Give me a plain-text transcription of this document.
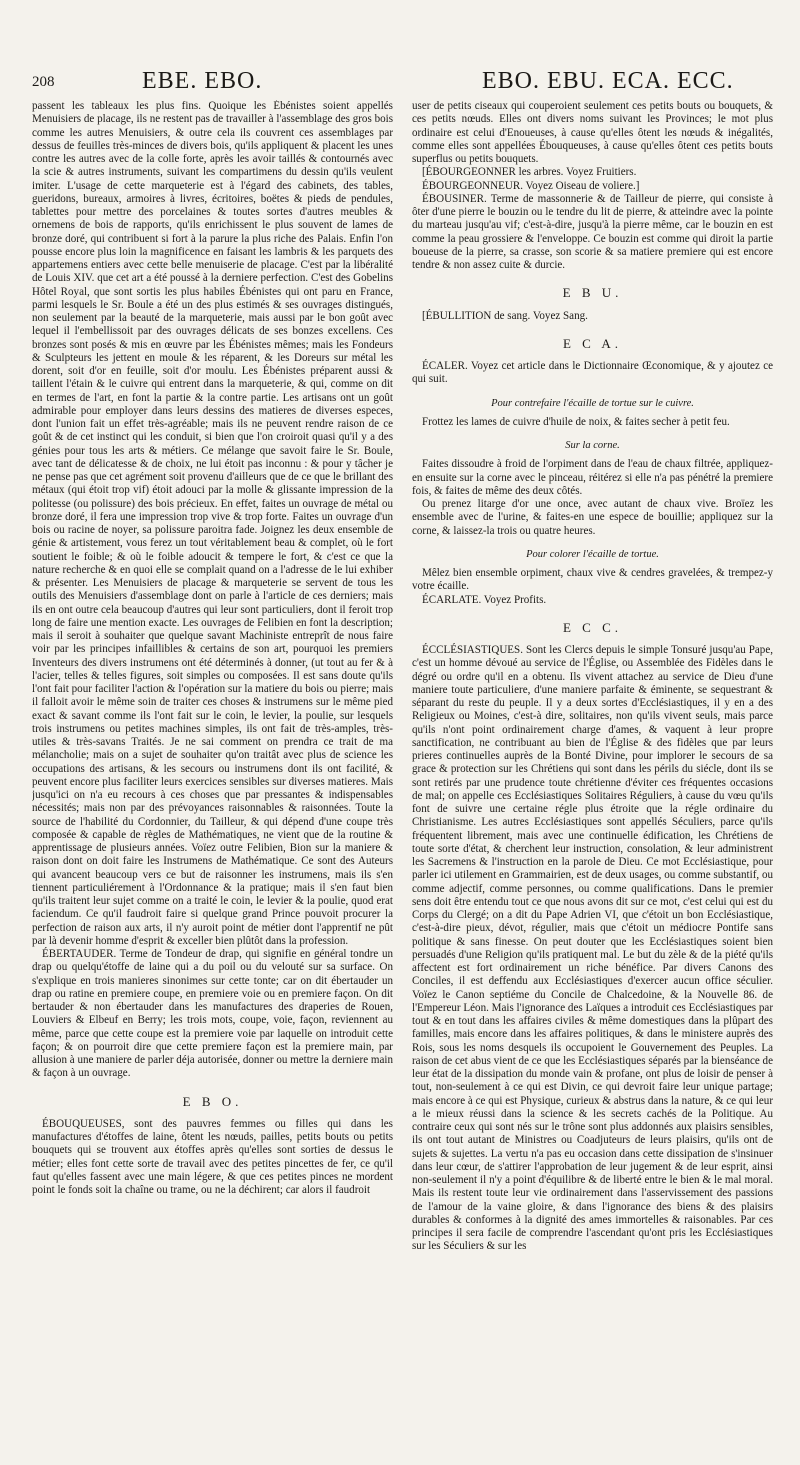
208	EBE. EBO.	EBO. EBU. ECA. ECC.

passent les tableaux les plus fins. Quoique les Ébénistes soient appellés Menuisiers de placage, ils ne restent pas de travailler à l'assemblage des gros bois comme les autres Menuisiers, & outre cela ils couvrent ces assemblages par dessus de feuilles très-minces de divers bois, qu'ils appliquent & placent les unes contre les autres avec de la colle forte, après les avoir taillés & contournés avec la scie & autres instruments, suivant les compartimens du dessin qu'ils veulent imiter. L'usage de cette marqueterie est à l'égard des cabinets, des tables, gueridons, bureaux, armoires à livres, écritoires, boëtes & pieds de pendules, tablettes pour mettre des porcelaines & toutes sortes d'autres meubles & ornemens de bois de rapports, qu'ils enrichissent le plus souvent de lames de bronze doré, qui contribuent si fort à la parure la plus riche des Palais. Enfin l'on pousse encore plus loin la magnificence en faisant les lambris & les parquets des appartemens entiers avec cette belle menuiserie de placage. C'est par la libéralité de Louis XIV. que cet art a été poussé à la derniere perfection. C'est des Gobelins Hôtel Royal, que sont sortis les plus habiles Ébénistes qui ont paru en France, parmi lesquels le Sr. Boule a été un des plus estimés & ses ouvrages distingués, non seulement par la beauté de la marqueterie, mais aussi par le bon goût avec lequel il l'embellissoit par des ouvrages délicats de ses bonzes excellens. Ces bronzes sont posés & mis en œuvre par les Ébénistes mêmes; mais les Fondeurs & Sculpteurs les jettent en moule & les réparent, & les Doreurs sur métal les dorent, soit d'or en feuille, soit d'or moulu. Les Ébénistes préparent aussi & taillent l'étain & le cuivre qui entrent dans la marqueterie, & qui, comme on dit en termes de l'art, en font la partie & la contre partie. Les artisans ont un goût admirable pour employer dans leurs dessins des matieres de diverses especes, dont l'union fait un effet très-agréable; mais ils ne peuvent rendre raison de ce goût & de cet instinct qui les conduit, si bien que l'on croiroit quasi qu'il y a des génies pour tous les arts & métiers. Ce mélange que savoit faire le Sr. Boule, avec tant de délicatesse & de choix, ne lui étoit pas inconnu : & pour y tâcher je ne pense pas que cet agrément soit provenu d'ailleurs que de ce que le brillant des métaux (qui étoit trop vif) étoit adouci par la molle & glissante impression de la politesse (ou polissure) des bois précieux. En effet, faites un ouvrage de métal ou bronze doré, il fera une impression trop vive & trop forte. Faites un ouvrage d'un bois ou racine de noyer, sa polissure paroitra fade. Joignez les deux ensemble de génie & artistement, vous ferez un tout véritablement beau & complet, où le fort soutient le foible; & où le foible adoucit & tempere le fort, & c'est ce que la nature recherche & en quoi elle se complait quand on a l'adresse de le lui exhiber & présenter. Les Menuisiers de placage & marqueterie se servent de tous les outils des Menuisiers d'assemblage dont on parle à l'article de ces derniers; mais ils en ont outre cela beaucoup d'autres qui leur sont particuliers, dont il feroit trop long de faire une mention exacte. Les ouvrages de Felibien en font la description; mais il seroit à souhaiter que quelque savant Machiniste entreprît de nous faire voir par les principes infaillibles & certains de son art, pourquoi les premiers Inventeurs des divers instrumens ont été déterminés à donner, (ut tout au fer & à l'acier, telles & telles figures, soit simples ou composées. Il est sans doute qu'ils l'ont fait pour faciliter l'action & l'opération sur la matiere du bois ou pierre; mais il falloit avoir le même soin de traiter ces choses & instrumens sur le même pied exact & savant comme ils l'ont fait sur le coin, le levier, la poulie, sur lesquels trois instrumens ou petites machines simples, ils ont fait de très-amples, très-utiles & très-savans Traités. Je ne sai comment on prendra ce trait de ma mélancholie; mais on a sujet de souhaiter qu'on traitât avec plus de science les occupations des artisans, & les secours ou instrumens dont ils ont facilité, & peuvent encore plus faciliter leurs exercices sensibles sur diverses matieres. Mais jusqu'ici on n'a eu recours à ces choses que par pressantes & indispensables nécessités; mais non par des prévoyances raisonnables & raisonnées. Toute la source de l'habilité du Cordonnier, du Tailleur, & qui dépend d'une coupe très composée & capable de règles de Mathématiques, ne vient que de la routine & apprentissage de plusieurs années. Voïez outre Felibien, Bion sur la maniere & raison dont on doit faire les Instrumens de Mathématique. Ce sont des Auteurs qui avancent beaucoup vers ce but de raisonner les instrumens, mais ils s'en tiennent particuliérement à l'Ordonnance & la pratique; mais il s'en faut bien qu'ils traitent leur sujet comme on a traité le coin, le levier & la poulie, quod erat faciendum. Ce qu'il faudroit faire si quelque grand Prince pouvoit procurer la perfection de raison aux arts, il n'y auroit point de métier dont l'apprentif ne pût par là devenir homme d'esprit & exceller bien plûtôt dans la profession.

ÉBERTAUDER. Terme de Tondeur de drap, qui signifie en général tondre un drap ou quelqu'étoffe de laine qui a du poil ou du velouté sur sa surface. On s'explique en trois manieres sinonimes sur cette tonte; car on dit ébertauder un drap ou ratine en premiere coupe, en premiere voie ou en premiere façon. On dit bertauder & non ébertauder dans les manufactures des draperies de Rouen, Louviers & Elbeuf en Berry; les trois mots, coupe, voie, façon, reviennent au même, parce que cette coupe est la premiere voie par laquelle on introduit cette façon; & on pourroit dire que cette premiere façon est la premiere main, par allusion à une maniere de parler déja autorisée, donner ou mettre la derniere main & façon à un ouvrage.

E B O.

ÉBOUQUEUSES, sont des pauvres femmes ou filles qui dans les manufactures d'étoffes de laine, ôtent les nœuds, pailles, petits bouts ou petits bouquets qui se trouvent aux étoffes après qu'elles sont sorties de dessus le métier; elles font cette sorte de travail avec des petites pincettes de fer, ce qu'il faut qu'elles fassent avec une main légere, & que ces petites pinces ne mordent point le fonds soit la chaîne ou trame, ou ne la déchirent; car alors il faudroit

user de petits ciseaux qui couperoient seulement ces petits bouts ou bouquets, & ces petits nœuds. Elles ont divers noms suivant les Provinces; le mot plus ordinaire est celui d'Enoueuses, à cause qu'elles ôtent les nœuds & inégalités, comme elles sont appellées Ébouqueuses, à cause qu'elles ôtent ces petits bouts superflus ou petits bouquets.

[ÉBOURGEONNER les arbres. Voyez Fruitiers.

ÉBOURGEONNEUR. Voyez Oiseau de voliere.]

ÉBOUSINER. Terme de massonnerie & de Tailleur de pierre, qui consiste à ôter d'une pierre le bouzin ou le tendre du lit de pierre, & atteindre avec la pointe du marteau jusqu'au vif; c'est-à-dire, jusqu'à la pierre même, car le bouzin en est comme la peau grossiere & l'enveloppe. Ce bouzin est comme qui diroit la partie boueuse de la pierre, sa crasse, son scorie & sa matiere premiere qui est encore tendre & non assez cuite & durcie.

E B U.

[ÉBULLITION de sang. Voyez Sang.

E C A.

ÉCALER. Voyez cet article dans le Dictionnaire Œconomique, & y ajoutez ce qui suit.

Pour contrefaire l'écaille de tortue sur le cuivre.

Frottez les lames de cuivre d'huile de noix, & faites secher à petit feu.

Sur la corne.

Faites dissoudre à froid de l'orpiment dans de l'eau de chaux filtrée, appliquez-en ensuite sur la corne avec le pinceau, réitérez si elle n'a pas pénétré la premiere fois, & faites de même des deux côtés.

Ou prenez litarge d'or une once, avec autant de chaux vive. Broïez les ensemble avec de l'urine, & faites-en une espece de bouillie; appliquez sur la corne, & laissez-la trois ou quatre heures.

Pour colorer l'écaille de tortue.

Mêlez bien ensemble orpiment, chaux vive & cendres gravelées, & trempez-y votre écaille.

ÉCARLATE. Voyez Profits.

E C C.

ÉCCLÉSIASTIQUES. Sont les Clercs depuis le simple Tonsuré jusqu'au Pape, c'est un homme dévoué au service de l'Église, ou Assemblée des Fidèles dans le dégré ou ordre qu'il en a obtenu. Ils vivent attachez au service de Dieu d'une maniere toute particuliere, d'une maniere parfaite & éminente, se sequestrant & séparant du reste du peuple. Il y a deux sortes d'Ecclésiastiques, il y en a des Religieux ou Moines, c'est-à dire, solitaires, non qu'ils vivent seuls, mais parce qu'ils n'ont point ordinairement charge d'ames, & vaquent à leur propre sanctification, ne contribuant au bien de l'Église & des fidèles que par leurs prieres continuelles auprès de la Bonté Divine, pour implorer le secours de sa grace & protection sur les Chrétiens qui sont dans les périls du siécle, dont ils se sont retirés par une prudence toute chrétienne d'éviter ces fréquentes occasions de mal; on appelle ces Ecclésiastiques Solitaires Réguliers, à cause du vœu qu'ils font de suivre une certaine régle plus étroite que la régle ordinaire du Christianisme. Les autres Ecclésiastiques sont appellés Séculiers, parce qu'ils fréquentent librement, mais avec une continuelle édification, les Chrétiens de toute sorte d'état, & cherchent leur instruction, consolation, & leur administrent les Sacremens & l'instruction en la parole de Dieu. Ce mot Ecclésiastique, pour parler ici utilement en Grammairien, est de deux usages, ou comme substantif, ou comme adjectif, comme personnes, ou comme qualifications. Dans le premier sens doit être entendu tout ce que nous avons dit sur ce mot, c'est celui qui est du Corps du Clergé; on a dit du Pape Adrien VI, que c'étoit un bon Ecclésiastique, c'est-à-dire pieux, dévot, régulier, mais que c'étoit un médiocre Pontife sans politique & sans finesse. On peut douter que les Ecclésiastiques soient bien persuadés d'une Religion qu'ils pratiquent mal. Le but du zèle & de la piété qu'ils affectent est fort ordinairement un riche bénéfice. Par divers Canons des Conciles, il est deffendu aux Ecclésiastiques d'exercer aucun office séculier. Voïez le Canon septiéme du Concile de Chalcedoine, & la Nouvelle 86. de l'Empereur Léon. Mais l'ignorance des Laïques a introduit ces Ecclésiastiques par tout & en tout dans les affaires civiles & même domestiques dans la plûpart des familles, mais encore dans les affaires politiques, & dans le ministere auprès des Rois, sous les noms desquels ils occupoient le Gouvernement des Peuples. La raison de cet abus vient de ce que les Ecclésiastiques séparés par la bienséance de leur état de la dissipation du monde vain & profane, ont plus de loisir de penser à tout, non-seulement à ce qui est Divin, ce qui devroit faire leur unique partage; mais encore à ce qui est Physique, curieux & abstrus dans la nature, & ce qui leur a le mieux réussi dans la science & les secrets cachés de la Politique. Au contraire ceux qui sont nés sur le trône sont plus addonnés aux plaisirs sensibles, ils ont tout autant de Ministres ou Coadjuteurs de leurs plaisirs, qu'ils ont de sujets & sujettes. La vertu n'a pas eu occasion dans cette dissipation de s'insinuer dans leur cœur, de s'attirer l'approbation de leur jugement & de leur esprit, ainsi non-seulement il n'y a point d'équilibre & de liberté entre le bien & le mal moral. Mais ils restent toute leur vie ordinairement dans l'asservissement des passions de l'amour de la vaine gloire, & dans l'ignorance des biens & des plaisirs durables & conformes à la dignité des ames immortelles & raisonables. Par ces principes il sera facile de comprendre l'ascendant qu'ont pris les Ecclésiastiques sur les Séculiers & sur les
